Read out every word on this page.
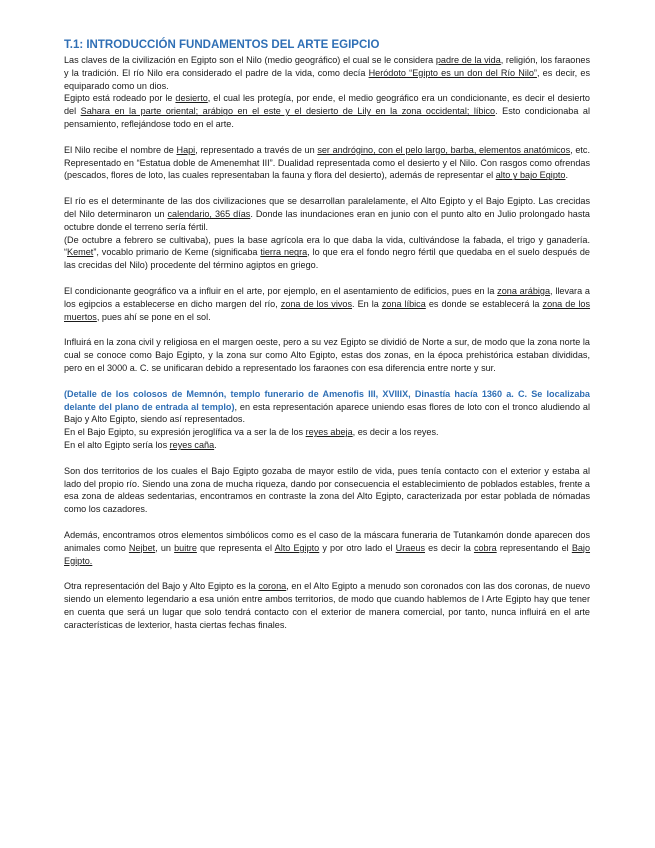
T.1: INTRODUCCIÓN FUNDAMENTOS DEL ARTE EGIPCIO

Las claves de la civilización en Egipto son el Nilo (medio geográfico) el cual se le considera padre de la vida, religión, los faraones y la tradición. El río Nilo era considerado el padre de la vida, como decía Heródoto “Egipto es un don del Río Nilo”, es decir, es equiparado como un dios.

Egipto está rodeado por le desierto, el cual les protegía, por ende, el medio geográfico era un condicionante, es decir el desierto del Sahara en la parte oriental; arábigo en el este y el desierto de Lily en la zona occidental; líbico. Esto condicionaba al pensamiento, reflejándose todo en el arte.

El Nilo recibe el nombre de Hapi, representado a través de un ser andrógino, con el pelo largo, barba, elementos anatómicos, etc. Representado en “Estatua doble de Amenemhat III”. Dualidad representada como el desierto y el Nilo. Con rasgos como ofrendas (pescados, flores de loto, las cuales representaban la fauna y flora del desierto), además de representar el alto y bajo Egipto.

El río es el determinante de las dos civilizaciones que se desarrollan paralelamente, el Alto Egipto y el Bajo Egipto. Las crecidas del Nilo determinaron un calendario, 365 días. Donde las inundaciones eran en junio con el punto alto en Julio prolongado hasta octubre donde el terreno sería fértil.

(De octubre a febrero se cultivaba), pues la base agrícola era lo que daba la vida, cultivándose la fabada, el trigo y ganadería. “Kemet”, vocablo primario de Keme (significaba tierra negra, lo que era el fondo negro fértil que quedaba en el suelo después de las crecidas del Nilo) procedente del término agiptos en griego.

El condicionante geográfico va a influir en el arte, por ejemplo, en el asentamiento de edificios, pues en la zona arábiga, llevara a los egipcios a establecerse en dicho margen del río, zona de los vivos. En la zona líbica es donde se establecerá la zona de los muertos, pues ahí se pone en el sol.

Influirá en la zona civil y religiosa en el margen oeste, pero a su vez Egipto se dividió de Norte a sur, de modo que la zona norte la cual se conoce como Bajo Egipto, y la zona sur como Alto Egipto, estas dos zonas, en la época prehistórica estaban divididas, pero en el 3000 a. C. se unificaran debido a representado los faraones con esa diferencia entre norte y sur.

(Detalle de los colosos de Memnón, templo funerario de Amenofis III, XVIIIX, Dinastía hacía 1360 a. C. Se localizaba delante del plano de entrada al templo), en esta representación aparece uniendo esas flores de loto con el tronco aludiendo al Bajo y Alto Egipto, siendo así representados.

En el Bajo Egipto, su expresión jeroglífica va a ser la de los reyes abeja, es decir a los reyes.

En el alto Egipto sería los reyes caña.

Son dos territorios de los cuales el Bajo Egipto gozaba de mayor estilo de vida, pues tenía contacto con el exterior y estaba al lado del propio río. Siendo una zona de mucha riqueza, dando por consecuencia el establecimiento de poblados estables, frente a esa zona de aldeas sedentarias, encontramos en contraste la zona del Alto Egipto, caracterizada por estar poblada de nómadas como los cazadores.

Además, encontramos otros elementos simbólicos como es el caso de la máscara funeraria de Tutankamón donde aparecen dos animales como Nejbet, un buitre que representa el Alto Egipto y por otro lado el Uraeus es decir la cobra representando el Bajo Egipto.

Otra representación del Bajo y Alto Egipto es la corona, en el Alto Egipto a menudo son coronados con las dos coronas, de nuevo siendo un elemento legendario a esa unión entre ambos territorios, de modo que cuando hablemos de l Arte Egipto hay que tener en cuenta que será un lugar que solo tendrá contacto con el exterior de manera comercial, por tanto, nunca influirá en el arte características de lexterior, hasta ciertas fechas finales.
